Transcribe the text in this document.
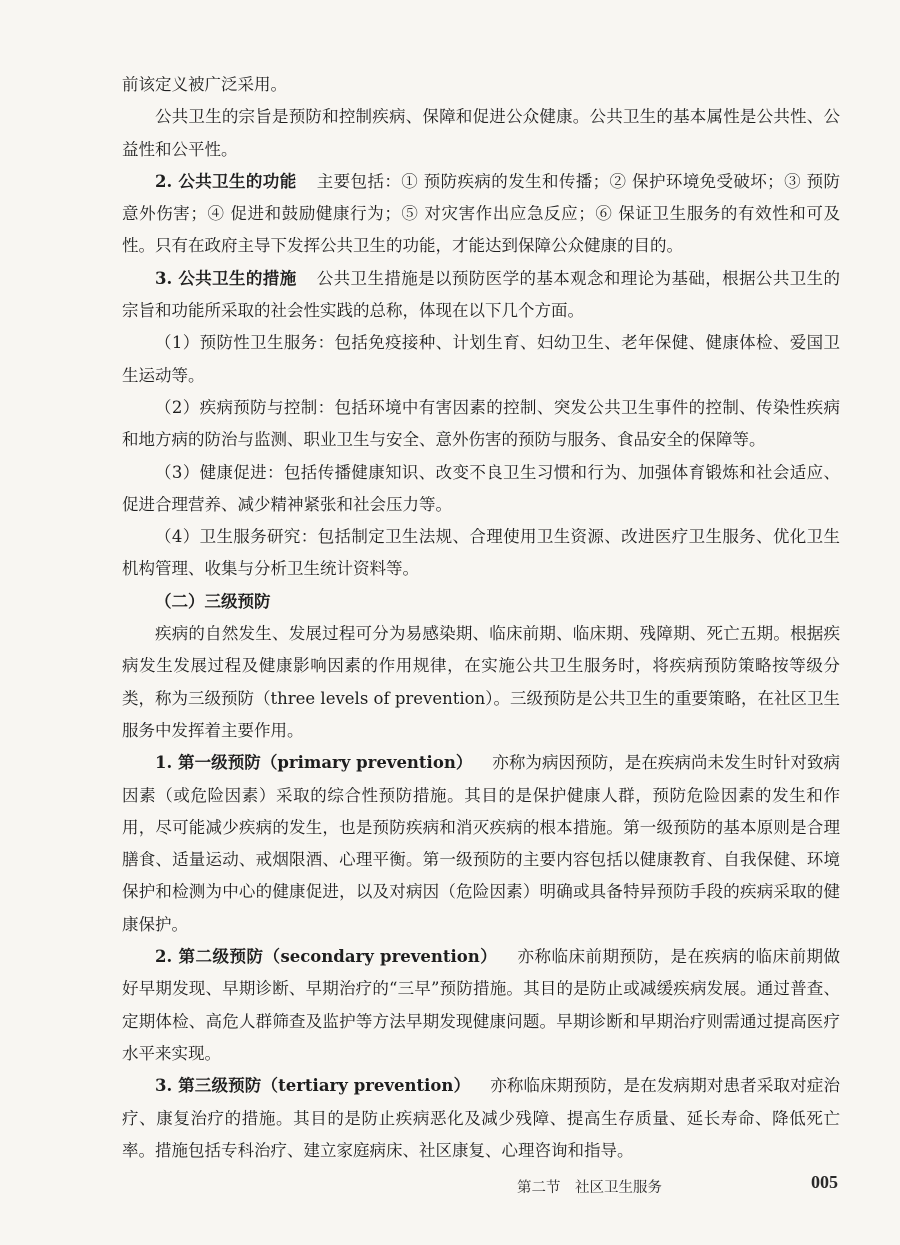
前该定义被广泛采用。

公共卫生的宗旨是预防和控制疾病、保障和促进公众健康。公共卫生的基本属性是公共性、公益性和公平性。

2. 公共卫生的功能 主要包括：① 预防疾病的发生和传播；② 保护环境免受破坏；③ 预防意外伤害；④ 促进和鼓励健康行为；⑤ 对灾害作出应急反应；⑥ 保证卫生服务的有效性和可及性。只有在政府主导下发挥公共卫生的功能，才能达到保障公众健康的目的。

3. 公共卫生的措施 公共卫生措施是以预防医学的基本观念和理论为基础，根据公共卫生的宗旨和功能所采取的社会性实践的总称，体现在以下几个方面。

（1）预防性卫生服务：包括免疫接种、计划生育、妇幼卫生、老年保健、健康体检、爱国卫生运动等。

（2）疾病预防与控制：包括环境中有害因素的控制、突发公共卫生事件的控制、传染性疾病和地方病的防治与监测、职业卫生与安全、意外伤害的预防与服务、食品安全的保障等。

（3）健康促进：包括传播健康知识、改变不良卫生习惯和行为、加强体育锻炼和社会适应、促进合理营养、减少精神紧张和社会压力等。

（4）卫生服务研究：包括制定卫生法规、合理使用卫生资源、改进医疗卫生服务、优化卫生机构管理、收集与分析卫生统计资料等。

（二）三级预防

疾病的自然发生、发展过程可分为易感染期、临床前期、临床期、残障期、死亡五期。根据疾病发生发展过程及健康影响因素的作用规律，在实施公共卫生服务时，将疾病预防策略按等级分类，称为三级预防（three levels of prevention）。三级预防是公共卫生的重要策略，在社区卫生服务中发挥着主要作用。

1. 第一级预防（primary prevention） 亦称为病因预防，是在疾病尚未发生时针对致病因素（或危险因素）采取的综合性预防措施。其目的是保护健康人群，预防危险因素的发生和作用，尽可能减少疾病的发生，也是预防疾病和消灭疾病的根本措施。第一级预防的基本原则是合理膳食、适量运动、戒烟限酒、心理平衡。第一级预防的主要内容包括以健康教育、自我保健、环境保护和检测为中心的健康促进，以及对病因（危险因素）明确或具备特异预防手段的疾病采取的健康保护。

2. 第二级预防（secondary prevention） 亦称临床前期预防，是在疾病的临床前期做好早期发现、早期诊断、早期治疗的“三早”预防措施。其目的是防止或减缓疾病发展。通过普查、定期体检、高危人群筛查及监护等方法早期发现健康问题。早期诊断和早期治疗则需通过提高医疗水平来实现。

3. 第三级预防（tertiary prevention） 亦称临床期预防，是在发病期对患者采取对症治疗、康复治疗的措施。其目的是防止疾病恶化及减少残障、提高生存质量、延长寿命、降低死亡率。措施包括专科治疗、建立家庭病床、社区康复、心理咨询和指导。

第二节　社区卫生服务	005
